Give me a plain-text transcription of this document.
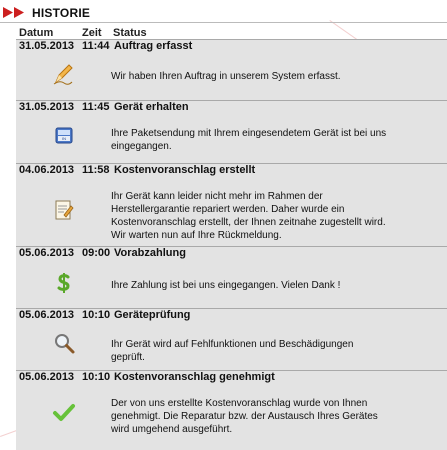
HISTORIE
Datum	Zeit Status
31.05.2013 11:44 Auftrag erfasst
Wir haben Ihren Auftrag in unserem System erfasst.
31.05.2013 11:45 Gerät erhalten
IN	Ihre Paketsendung mit Ihrem eingesendetem Gerät ist bei uns
eingegangen.
04.06.2013 11:58 Kostenvoranschlag erstellt
Ihr Gerät kann leider nicht mehr im Rahmen der
Herstellergarantie repariert werden. Daher wurde ein
Kostenvoranschlag erstellt, der Ihnen zeitnahe zugestellt wird.
Wir warten nun auf Ihre Rückmeldung.
05.06.2013 09:00 Vorabzahlung
Ihre Zahlung ist bei uns eingegangen. Vielen Dank !
05.06.2013 10:10 Geräteprüfung
Ihr Gerät wird auf Fehlfunktionen und Beschädigungen
geprüft.
05.06.2013 10:10 Kostenvoranschlag genehmigt
Der von uns erstellte Kostenvoranschlag wurde von Ihnen
genehmigt. Die Reparatur bzw. der Austausch Ihres Gerätes
wird umgehend ausgeführt.
